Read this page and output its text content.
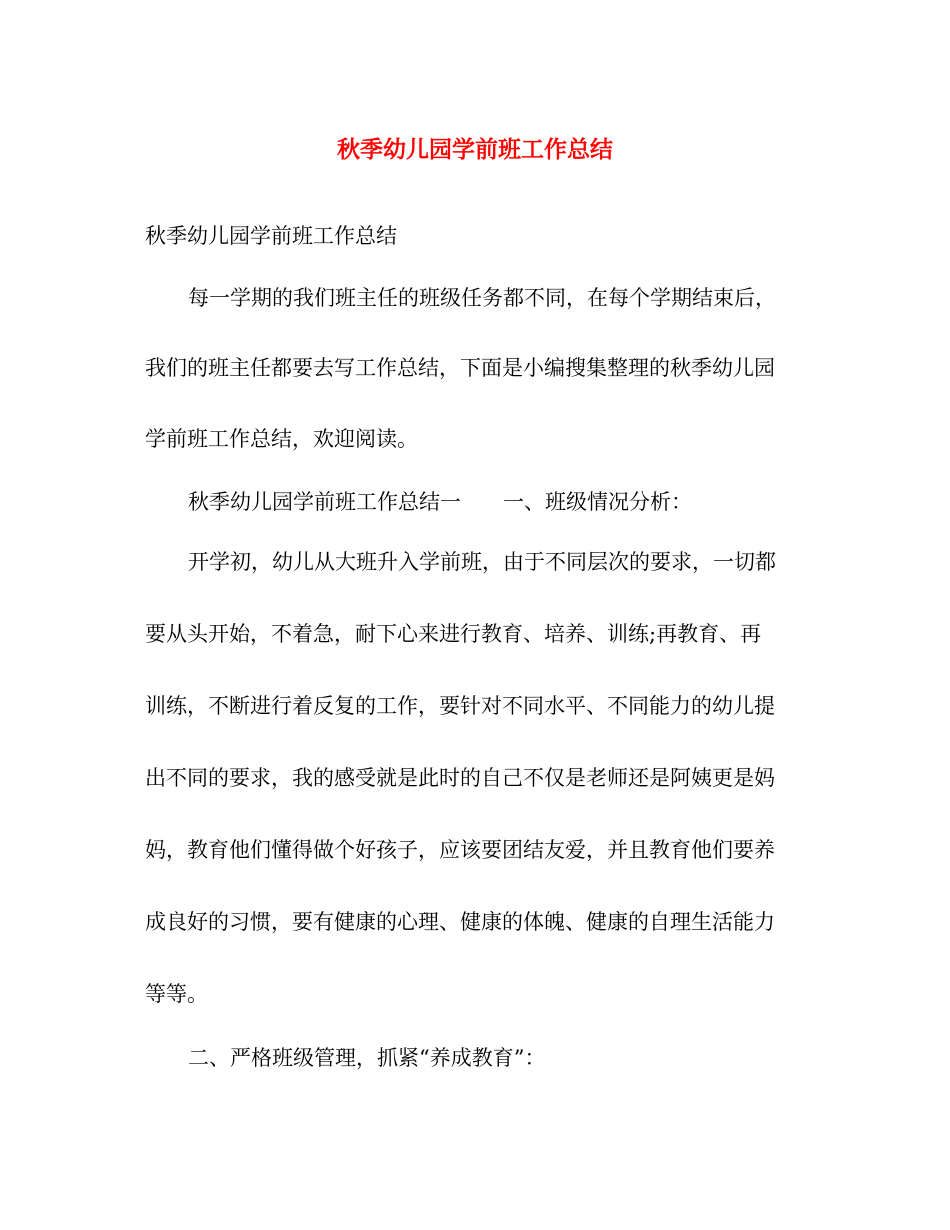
秋季幼儿园学前班工作总结

秋季幼儿园学前班工作总结

每一学期的我们班主任的班级任务都不同，在每个学期结束后，

我们的班主任都要去写工作总结，下面是小编搜集整理的秋季幼儿园

学前班工作总结，欢迎阅读。

秋季幼儿园学前班工作总结一　　一、班级情况分析：

开学初，幼儿从大班升入学前班，由于不同层次的要求，一切都

要从头开始，不着急，耐下心来进行教育、培养、训练;再教育、再

训练，不断进行着反复的工作，要针对不同水平、不同能力的幼儿提

出不同的要求，我的感受就是此时的自己不仅是老师还是阿姨更是妈

妈，教育他们懂得做个好孩子，应该要团结友爱，并且教育他们要养

成良好的习惯，要有健康的心理、健康的体魄、健康的自理生活能力

等等。

二、严格班级管理，抓紧“养成教育”：
